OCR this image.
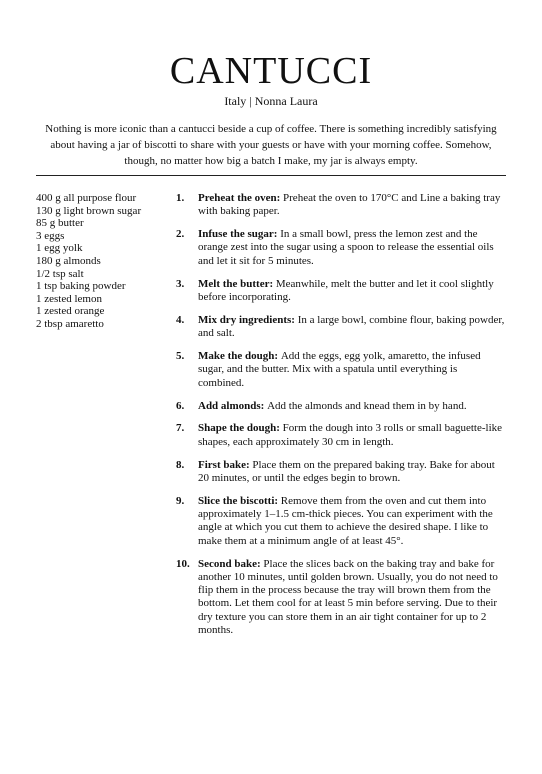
CANTUCCI
Italy | Nonna Laura
Nothing is more iconic than a cantucci beside a cup of coffee. There is something incredibly satisfying about having a jar of biscotti to share with your guests or have with your morning coffee. Somehow, though, no matter how big a batch I make, my jar is always empty.
400 g all purpose flour
130 g light brown sugar
85 g butter
3 eggs
1 egg yolk
180 g almonds
1/2 tsp salt
1 tsp baking powder
1 zested lemon
1 zested orange
2 tbsp amaretto
1.	Preheat the oven: Preheat the oven to 170°C and Line a baking tray with baking paper.
2.	Infuse the sugar: In a small bowl, press the lemon zest and the orange zest into the sugar using a spoon to release the essential oils and let it sit for 5 minutes.
3.	Melt the butter: Meanwhile, melt the butter and let it cool slightly before incorporating.
4.	Mix dry ingredients: In a large bowl, combine flour, baking powder, and salt.
5.	Make the dough: Add the eggs, egg yolk, amaretto, the infused sugar, and the butter. Mix with a spatula until everything is combined.
6.	Add almonds: Add the almonds and knead them in by hand.
7.	Shape the dough: Form the dough into 3 rolls or small baguette-like shapes, each approximately 30 cm in length.
8.	First bake: Place them on the prepared baking tray. Bake for about 20 minutes, or until the edges begin to brown.
9.	Slice the biscotti: Remove them from the oven and cut them into approximately 1–1.5 cm-thick pieces. You can experiment with the angle at which you cut them to achieve the desired shape. I like to make them at a minimum angle of at least 45°.
10. Second bake: Place the slices back on the baking tray and bake for another 10 minutes, until golden brown. Usually, you do not need to flip them in the process because the tray will brown them from the bottom. Let them cool for at least 5 min before serving. Due to their dry texture you can store them in an air tight container for up to 2 months.
